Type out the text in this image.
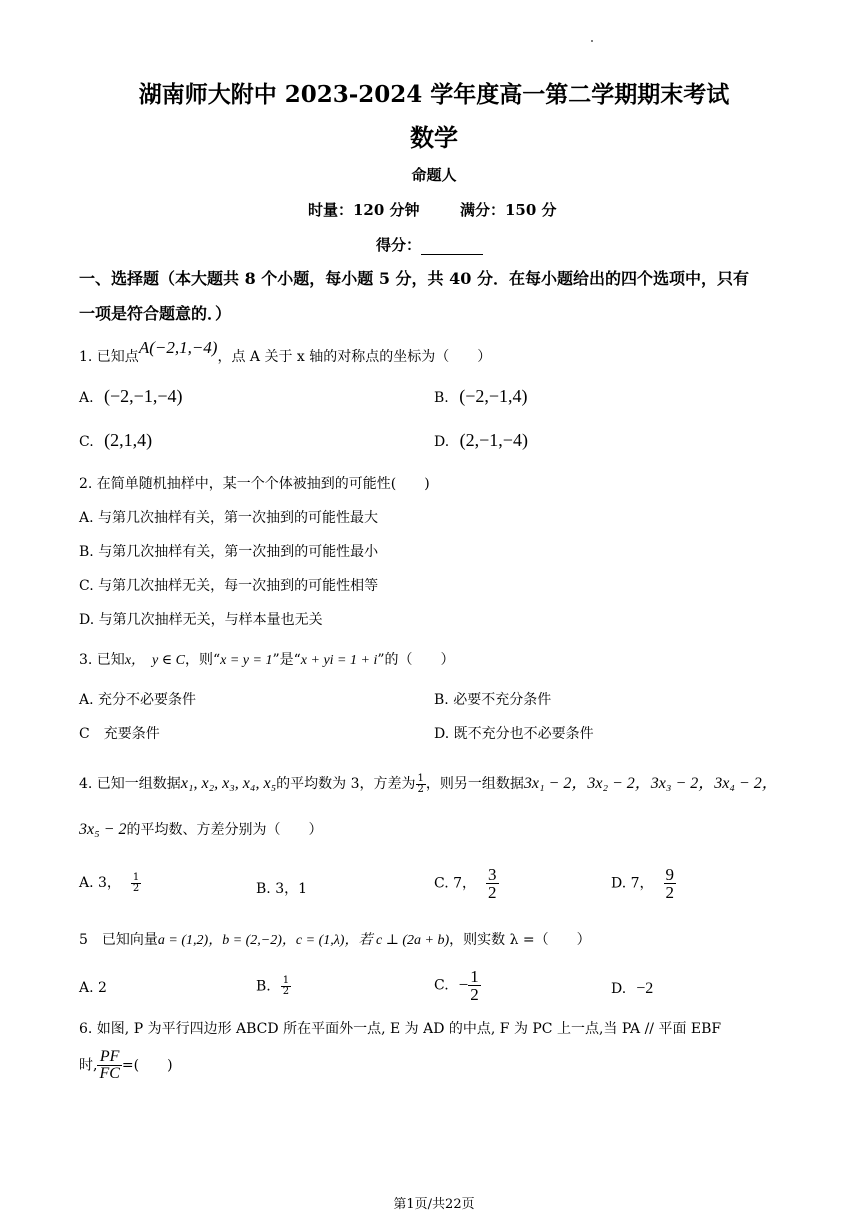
湖南师大附中 2023-2024 学年度高一第二学期期末考试
数学
命题人
时量：120 分钟	满分：150 分
得分：
一、选择题（本大题共 8 个小题，每小题 5 分，共 40 分．在每小题给出的四个选项中，只有
一项是符合题意的．）
1. 已知点A(−2,1,−4)，点 A 关于 x 轴的对称点的坐标为（　　）
A. (−2,−1,−4)	B. (−2,−1,4)
C. (2,1,4)	D. (2,−1,−4)
2. 在简单随机抽样中，某一个个体被抽到的可能性(　　)
A. 与第几次抽样有关，第一次抽到的可能性最大
B. 与第几次抽样有关，第一次抽到的可能性最小
C. 与第几次抽样无关，每一次抽到的可能性相等
D. 与第几次抽样无关，与样本量也无关
3. 已知x，　y ∈ C，则“x = y = 1”是“x + yi = 1 + i”的（　　）
A. 充分不必要条件	B. 必要不充分条件
C　充要条件	D. 既不充分也不必要条件
4. 已知一组数据x₁, x₂, x₃, x₄, x₅的平均数为 3，方差为 $\frac{1}{2}$ ，则另一组数据3x₁ − 2，3x₂ − 2，3x₃ − 2，3x₄ − 2，
3x₅ − 2的平均数、方差分别为（　　）
A. 3， $\frac{1}{2}$	B. 3，1	C. 7， $\frac{3}{2}$	D. 7， $\frac{9}{2}$
5　已知向量a = (1,2)，b = (2,−2)，c = (1,λ)，若 c ⊥ (2a + b)，则实数 λ =（　　）
A. 2	B. $\frac{1}{2}$	C. − $\frac{1}{2}$	D. −2
6. 如图, P 为平行四边形 ABCD 所在平面外一点, E 为 AD 的中点, F 为 PC 上一点,当 PA // 平面 EBF
时, $\frac{PF}{FC}$ =(　　)
第1页/共22页
